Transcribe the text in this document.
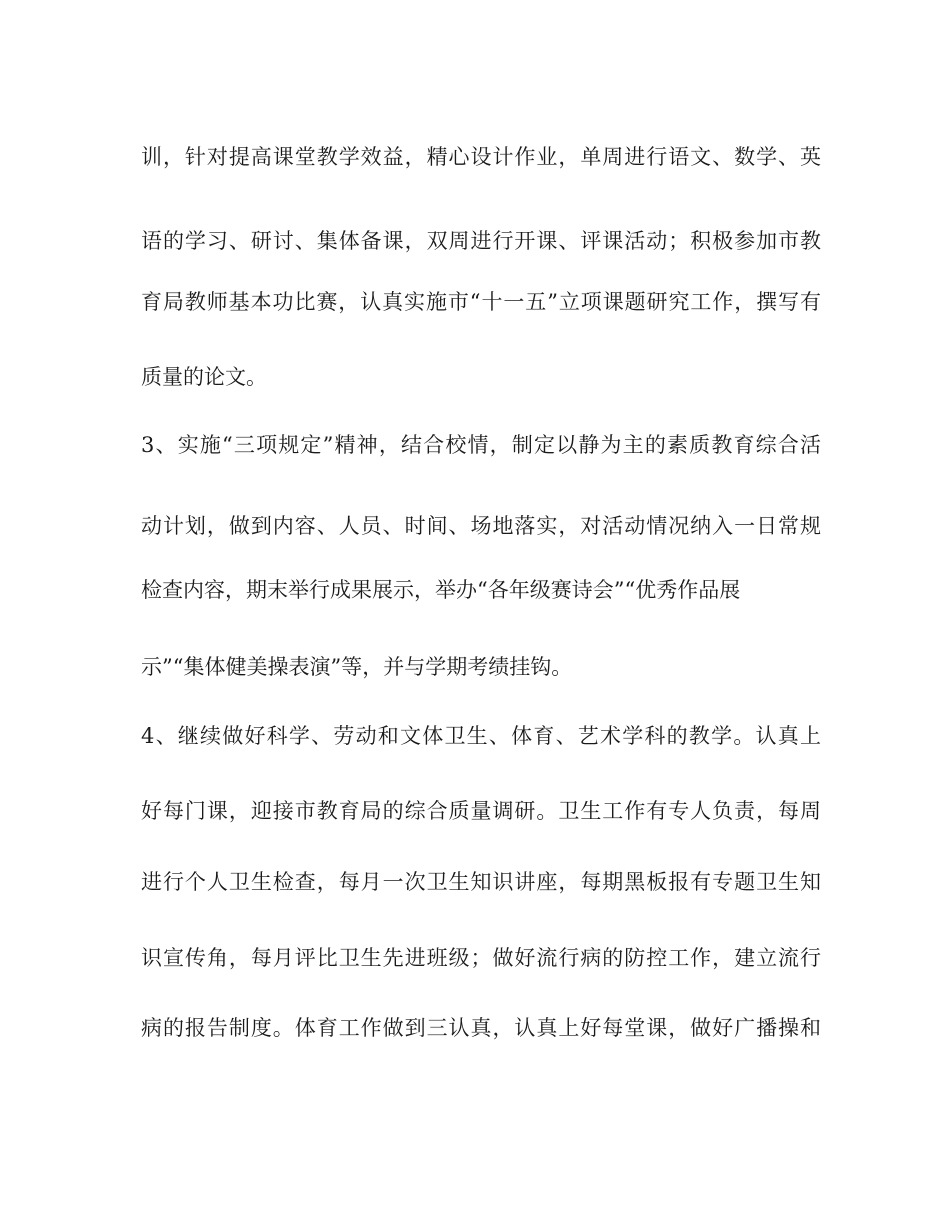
训，针对提高课堂教学效益，精心设计作业，单周进行语文、数学、英
语的学习、研讨、集体备课，双周进行开课、评课活动；积极参加市教
育局教师基本功比赛，认真实施市“十一五”立项课题研究工作，撰写有
质量的论文。
3、实施“三项规定”精神，结合校情，制定以静为主的素质教育综合活
动计划，做到内容、人员、时间、场地落实，对活动情况纳入一日常规
检查内容，期末举行成果展示，举办“各年级赛诗会”“优秀作品展
示”“集体健美操表演”等，并与学期考绩挂钩。
4、继续做好科学、劳动和文体卫生、体育、艺术学科的教学。认真上
好每门课，迎接市教育局的综合质量调研。卫生工作有专人负责，每周
进行个人卫生检查，每月一次卫生知识讲座，每期黑板报有专题卫生知
识宣传角，每月评比卫生先进班级；做好流行病的防控工作，建立流行
病的报告制度。体育工作做到三认真，认真上好每堂课，做好广播操和
